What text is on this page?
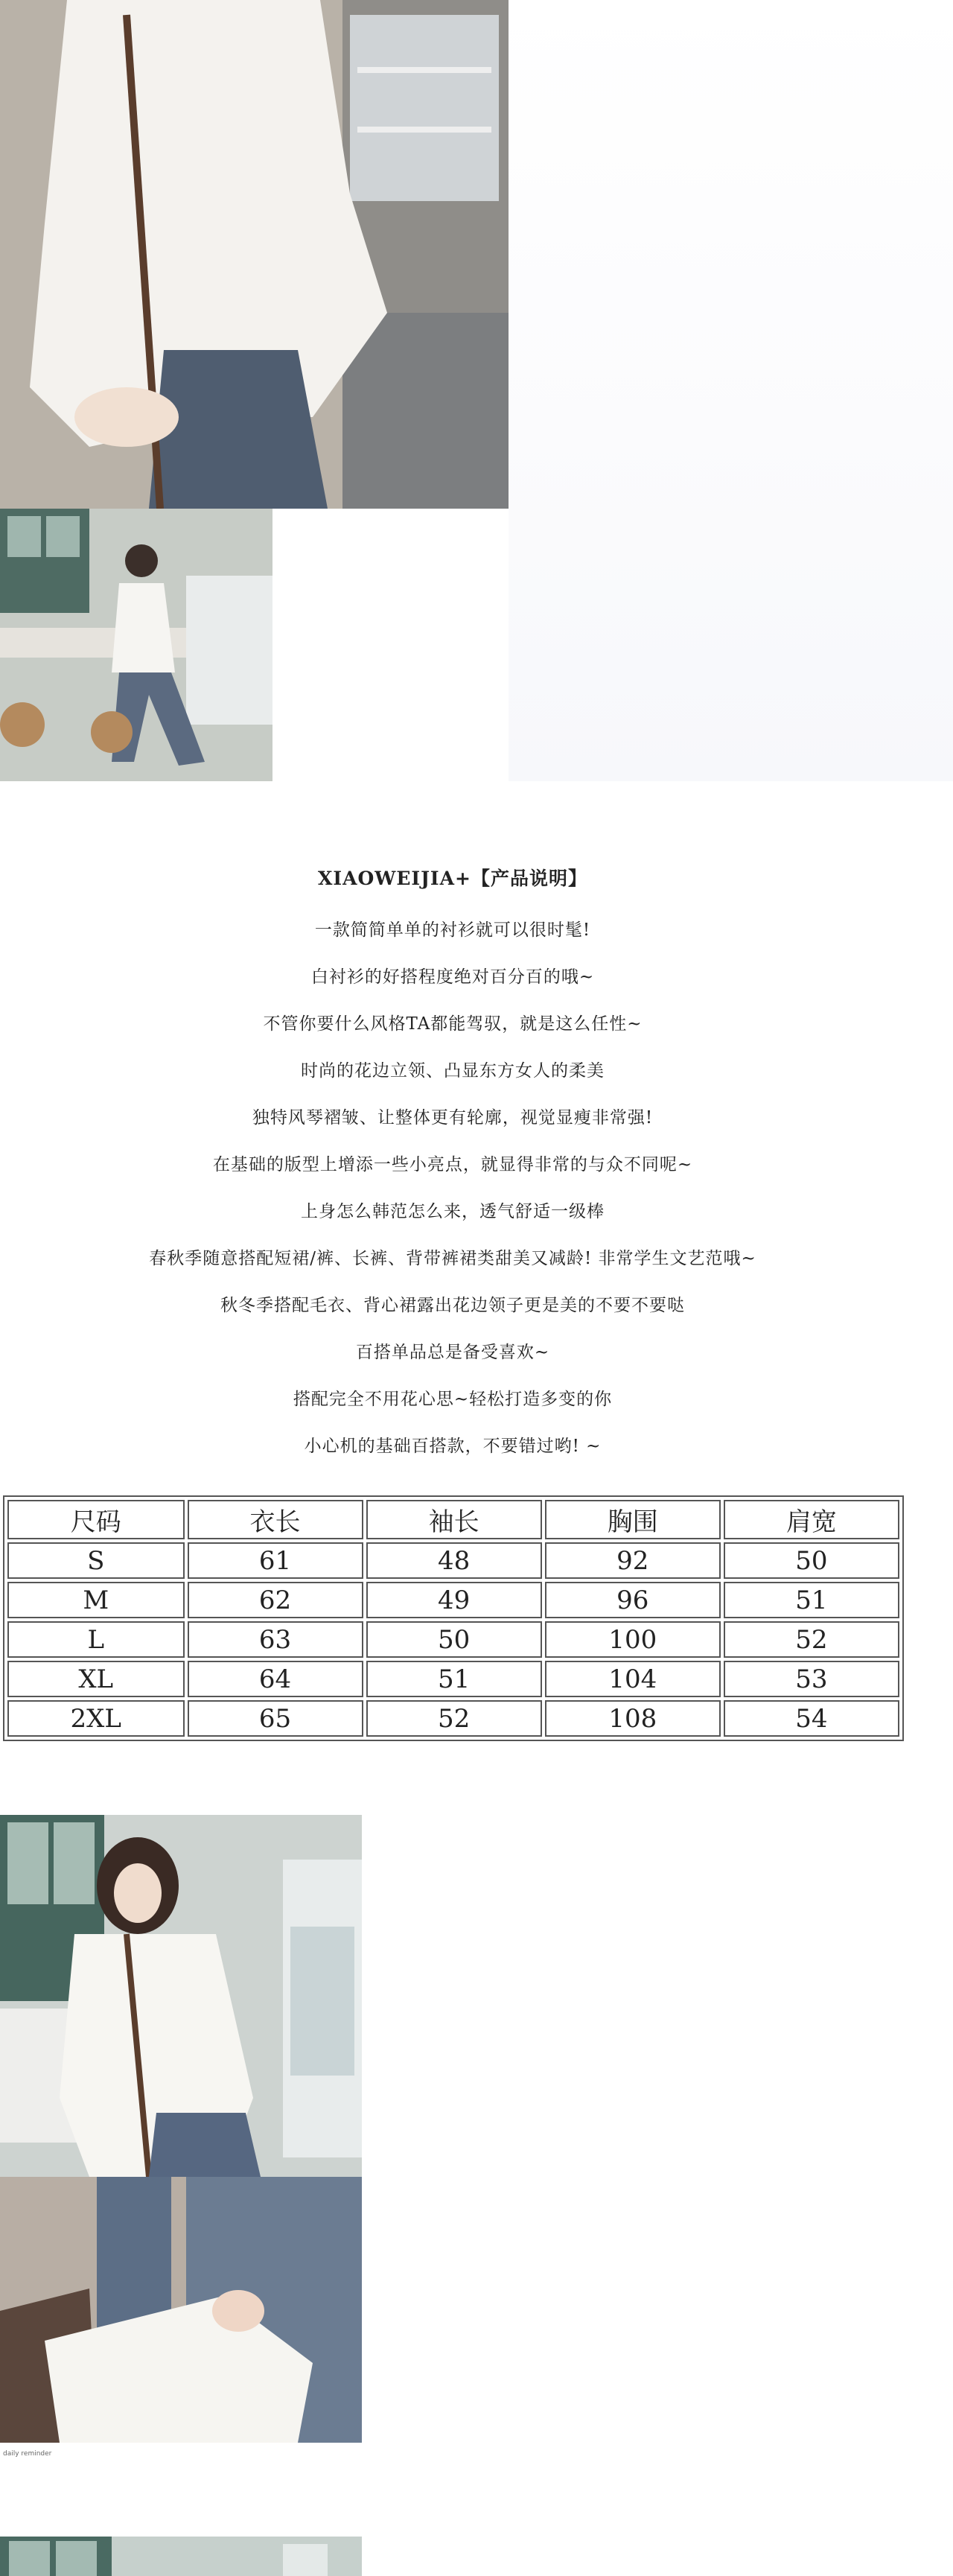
XIAOWEIJIA+【产品说明】

一款简简单单的衬衫就可以很时髦!

白衬衫的好搭程度绝对百分百的哦~

不管你要什么风格TA都能驾驭，就是这么任性~

时尚的花边立领、凸显东方女人的柔美

独特风琴褶皱、让整体更有轮廓，视觉显瘦非常强!

在基础的版型上增添一些小亮点，就显得非常的与众不同呢~

上身怎么韩范怎么来，透气舒适一级棒

春秋季随意搭配短裙/裤、长裤、背带裤裙类甜美又减龄! 非常学生文艺范哦~

秋冬季搭配毛衣、背心裙露出花边领子更是美的不要不要哒

百搭单品总是备受喜欢~

搭配完全不用花心思~轻松打造多变的你

小心机的基础百搭款，不要错过哟! ~

尺码	衣长	袖长	胸围	肩宽
S	61	48	92	50
M	62	49	96	51
L	63	50	100	52
XL	64	51	104	53
2XL	65	52	108	54
daily reminder
